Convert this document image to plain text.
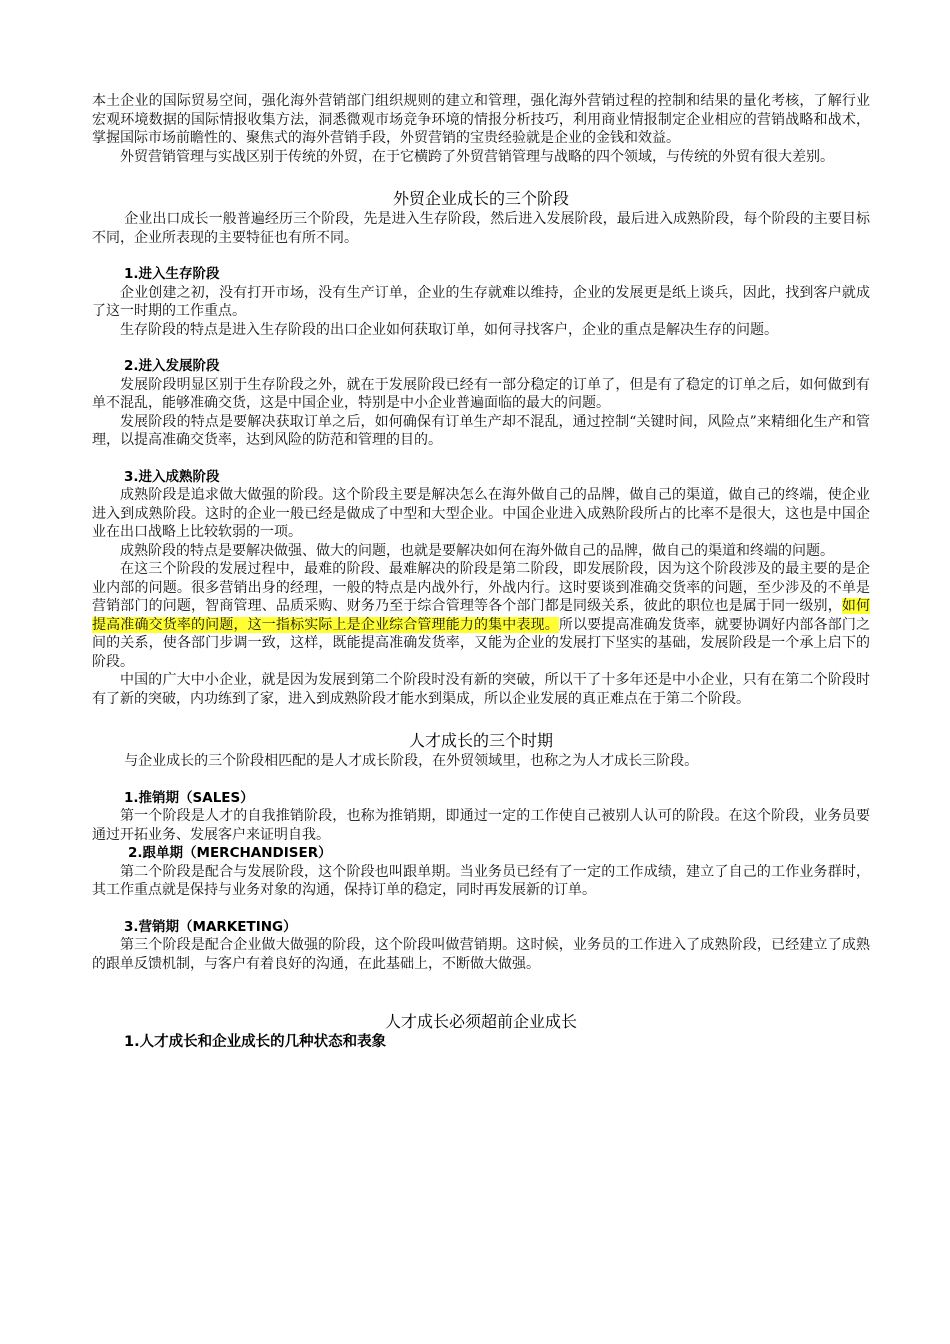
本土企业的国际贸易空间，强化海外营销部门组织规则的建立和管理，强化海外营销过程的控制和结果的量化考核，了解行业宏观环境数据的国际情报收集方法，洞悉微观市场竞争环境的情报分析技巧，利用商业情报制定企业相应的营销战略和战术，掌握国际市场前瞻性的、聚焦式的海外营销手段，外贸营销的宝贵经验就是企业的金钱和效益。

外贸营销管理与实战区别于传统的外贸，在于它横跨了外贸营销管理与战略的四个领域，与传统的外贸有很大差别。

外贸企业成长的三个阶段

企业出口成长一般普遍经历三个阶段，先是进入生存阶段，然后进入发展阶段，最后进入成熟阶段，每个阶段的主要目标不同，企业所表现的主要特征也有所不同。

1.进入生存阶段

企业创建之初，没有打开市场，没有生产订单，企业的生存就难以维持，企业的发展更是纸上谈兵，因此，找到客户就成了这一时期的工作重点。

生存阶段的特点是进入生存阶段的出口企业如何获取订单，如何寻找客户，企业的重点是解决生存的问题。

2.进入发展阶段

发展阶段明显区别于生存阶段之外，就在于发展阶段已经有一部分稳定的订单了，但是有了稳定的订单之后，如何做到有单不混乱，能够准确交货，这是中国企业，特别是中小企业普遍面临的最大的问题。

发展阶段的特点是要解决获取订单之后，如何确保有订单生产却不混乱，通过控制“关键时间，风险点”来精细化生产和管理，以提高准确交货率，达到风险的防范和管理的目的。

3.进入成熟阶段

成熟阶段是追求做大做强的阶段。这个阶段主要是解决怎么在海外做自己的品牌，做自己的渠道，做自己的终端，使企业进入到成熟阶段。这时的企业一般已经是做成了中型和大型企业。中国企业进入成熟阶段所占的比率不是很大，这也是中国企业在出口战略上比较软弱的一项。

成熟阶段的特点是要解决做强、做大的问题，也就是要解决如何在海外做自己的品牌，做自己的渠道和终端的问题。

在这三个阶段的发展过程中，最难的阶段、最难解决的阶段是第二阶段，即发展阶段，因为这个阶段涉及的最主要的是企业内部的问题。很多营销出身的经理，一般的特点是内战外行，外战内行。这时要谈到准确交货率的问题，至少涉及的不单是营销部门的问题，智商管理、品质采购、财务乃至于综合管理等各个部门都是同级关系，彼此的职位也是属于同一级别，如何提高准确交货率的问题，这一指标实际上是企业综合管理能力的集中表现。所以要提高准确发货率，就要协调好内部各部门之间的关系，使各部门步调一致，这样，既能提高准确发货率，又能为企业的发展打下坚实的基础，发展阶段是一个承上启下的阶段。

中国的广大中小企业，就是因为发展到第二个阶段时没有新的突破，所以干了十多年还是中小企业，只有在第二个阶段时有了新的突破，内功练到了家，进入到成熟阶段才能水到渠成，所以企业发展的真正难点在于第二个阶段。

人才成长的三个时期

与企业成长的三个阶段相匹配的是人才成长阶段，在外贸领域里，也称之为人才成长三阶段。

1.推销期（SALES）

第一个阶段是人才的自我推销阶段，也称为推销期，即通过一定的工作使自己被别人认可的阶段。在这个阶段，业务员要通过开拓业务、发展客户来证明自我。

2.跟单期（MERCHANDISER）

第二个阶段是配合与发展阶段，这个阶段也叫跟单期。当业务员已经有了一定的工作成绩，建立了自己的工作业务群时，其工作重点就是保持与业务对象的沟通，保持订单的稳定，同时再发展新的订单。

3.营销期（MARKETING）

第三个阶段是配合企业做大做强的阶段，这个阶段叫做营销期。这时候，业务员的工作进入了成熟阶段，已经建立了成熟的跟单反馈机制，与客户有着良好的沟通，在此基础上，不断做大做强。

人才成长必须超前企业成长
1.人才成长和企业成长的几种状态和表象
